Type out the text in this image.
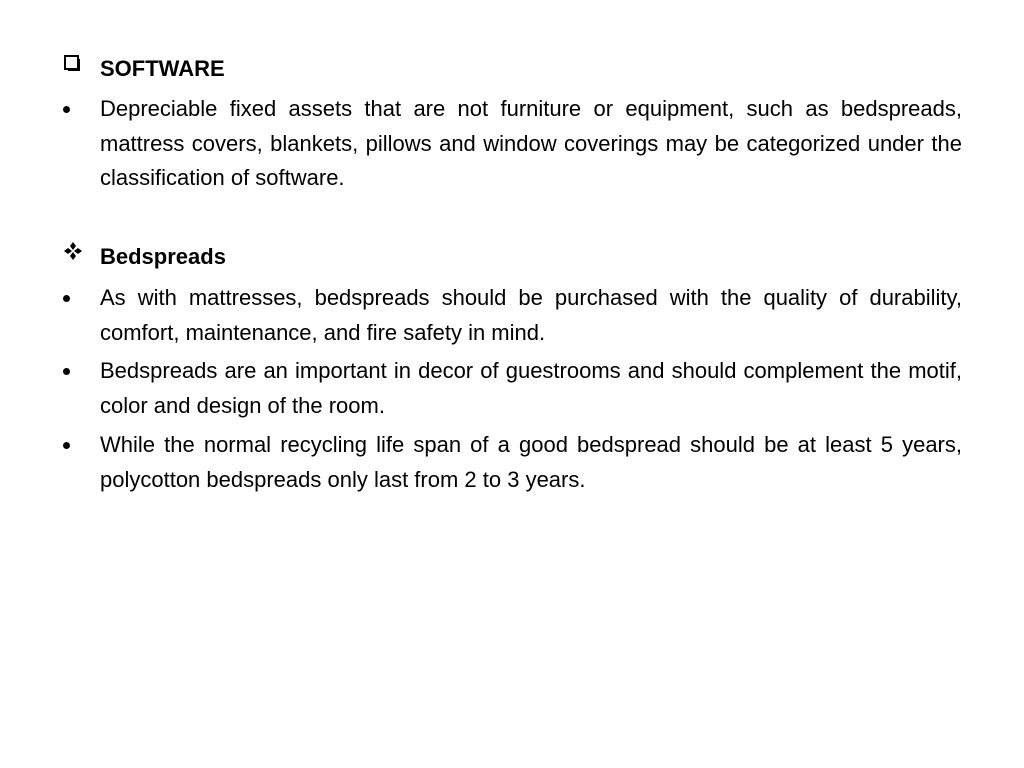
SOFTWARE
Depreciable fixed assets that are not furniture or equipment, such as bedspreads, mattress covers, blankets, pillows and window coverings may be categorized under the classification of software.
Bedspreads
As with mattresses, bedspreads should be purchased with the quality of durability, comfort, maintenance, and fire safety in mind.
Bedspreads are an important in decor of guestrooms and should complement the motif, color and design of the room.
While the normal recycling life span of a good bedspread should be at least 5 years, polycotton bedspreads only last from 2 to 3 years.
